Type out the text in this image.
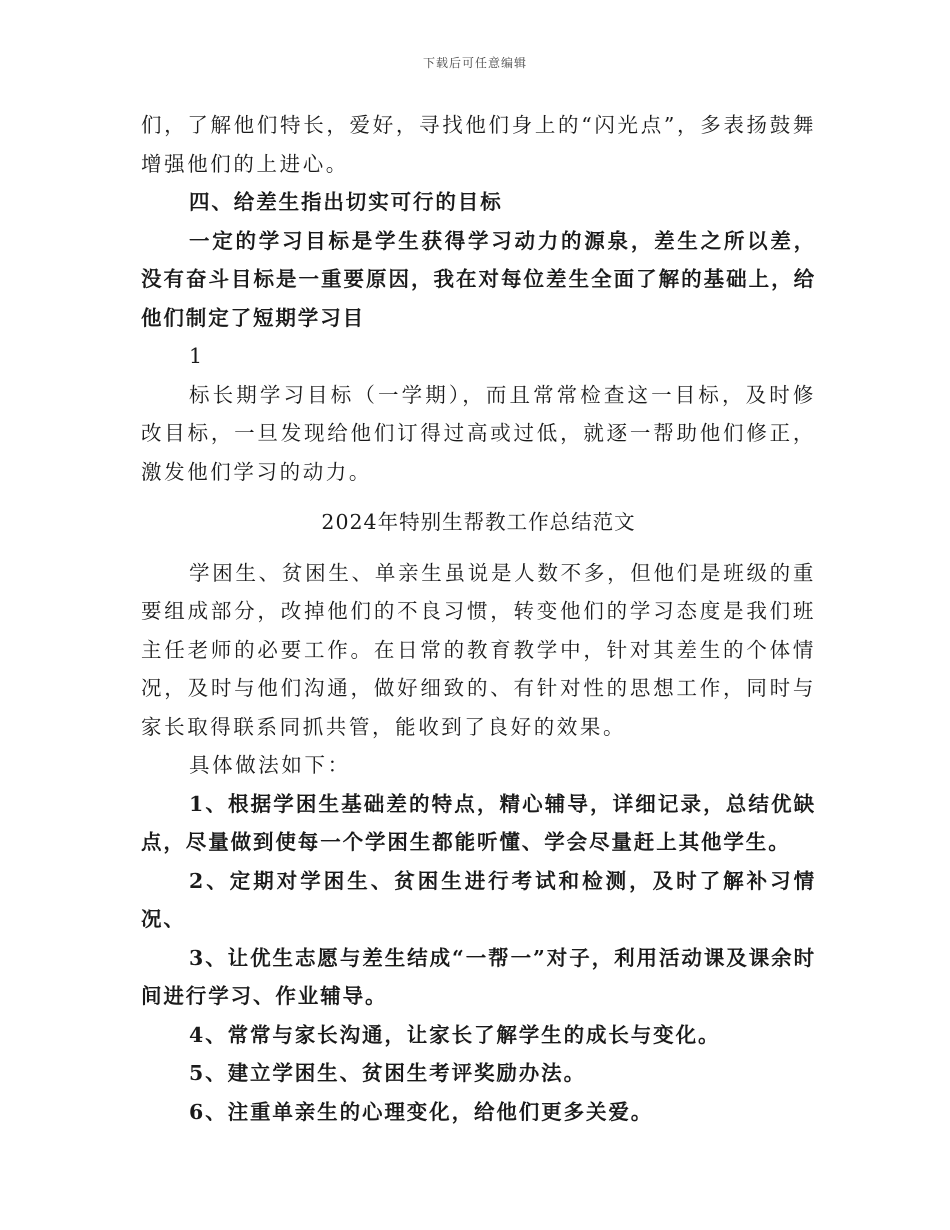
下载后可任意编辑

们，了解他们特长，爱好，寻找他们身上的“闪光点”，多表扬鼓舞增强他们的上进心。

四、给差生指出切实可行的目标

一定的学习目标是学生获得学习动力的源泉，差生之所以差，没有奋斗目标是一重要原因，我在对每位差生全面了解的基础上，给他们制定了短期学习目

1

标长期学习目标（一学期），而且常常检查这一目标，及时修改目标，一旦发现给他们订得过高或过低，就逐一帮助他们修正，激发他们学习的动力。

2024年特别生帮教工作总结范文

学困生、贫困生、单亲生虽说是人数不多，但他们是班级的重要组成部分，改掉他们的不良习惯，转变他们的学习态度是我们班主任老师的必要工作。在日常的教育教学中，针对其差生的个体情况，及时与他们沟通，做好细致的、有针对性的思想工作，同时与家长取得联系同抓共管，能收到了良好的效果。

具体做法如下：

1、根据学困生基础差的特点，精心辅导，详细记录，总结优缺点，尽量做到使每一个学困生都能听懂、学会尽量赶上其他学生。

2、定期对学困生、贫困生进行考试和检测，及时了解补习情况、

3、让优生志愿与差生结成“一帮一”对子，利用活动课及课余时间进行学习、作业辅导。

4、常常与家长沟通，让家长了解学生的成长与变化。

5、建立学困生、贫困生考评奖励办法。

6、注重单亲生的心理变化，给他们更多关爱。
